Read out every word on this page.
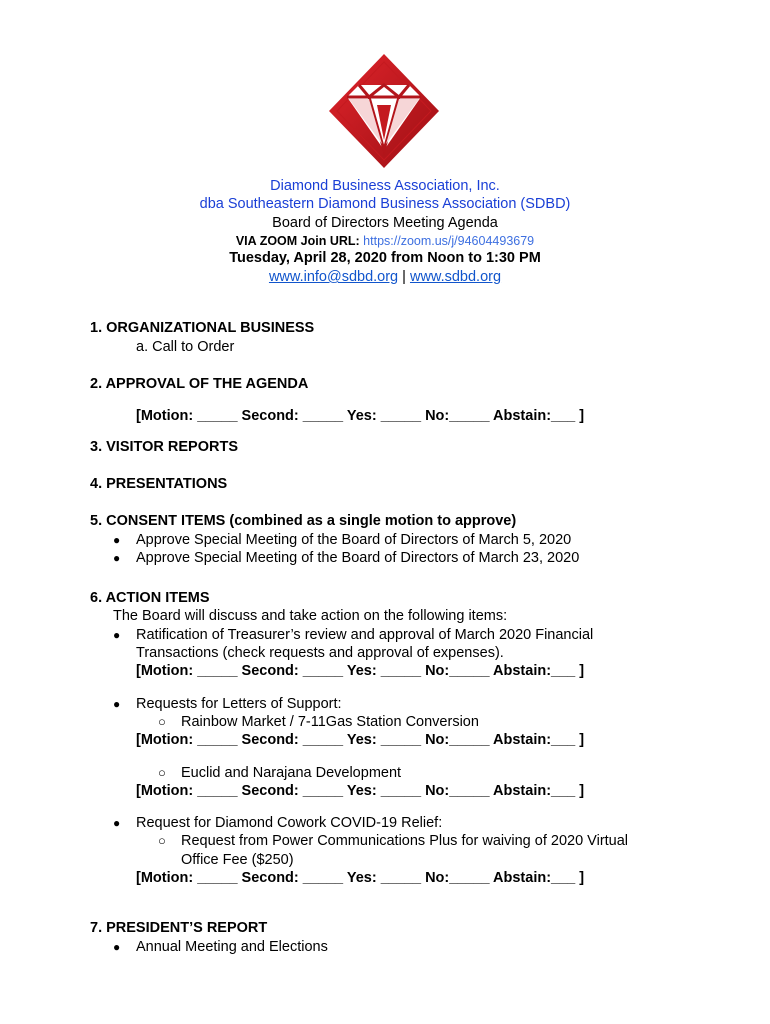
Diamond Business Association, Inc.
dba Southeastern Diamond Business Association (SDBD)
Board of Directors Meeting Agenda
VIA ZOOM Join URL: https://zoom.us/j/94604493679
Tuesday, April 28, 2020 from Noon to 1:30 PM
www.info@sdbd.org | www.sdbd.org
1. ORGANIZATIONAL BUSINESS
a. Call to Order
2. APPROVAL OF THE AGENDA
[Motion: _____ Second: _____ Yes: _____ No:_____ Abstain:___ ]
3. VISITOR REPORTS
4. PRESENTATIONS
5. CONSENT ITEMS (combined as a single motion to approve)
● Approve Special Meeting of the Board of Directors of March 5, 2020
● Approve Special Meeting of the Board of Directors of March 23, 2020
6. ACTION ITEMS
The Board will discuss and take action on the following items:
● Ratification of Treasurer’s review and approval of March 2020 Financial
Transactions (check requests and approval of expenses).
[Motion: _____ Second: _____ Yes: _____ No:_____ Abstain:___ ]
● Requests for Letters of Support:
○ Rainbow Market / 7-11Gas Station Conversion
[Motion: _____ Second: _____ Yes: _____ No:_____ Abstain:___ ]
○ Euclid and Narajana Development
[Motion: _____ Second: _____ Yes: _____ No:_____ Abstain:___ ]
● Request for Diamond Cowork COVID-19 Relief:
○ Request from Power Communications Plus for waiving of 2020 Virtual
Office Fee ($250)
[Motion: _____ Second: _____ Yes: _____ No:_____ Abstain:___ ]
7. PRESIDENT’S REPORT
● Annual Meeting and Elections
